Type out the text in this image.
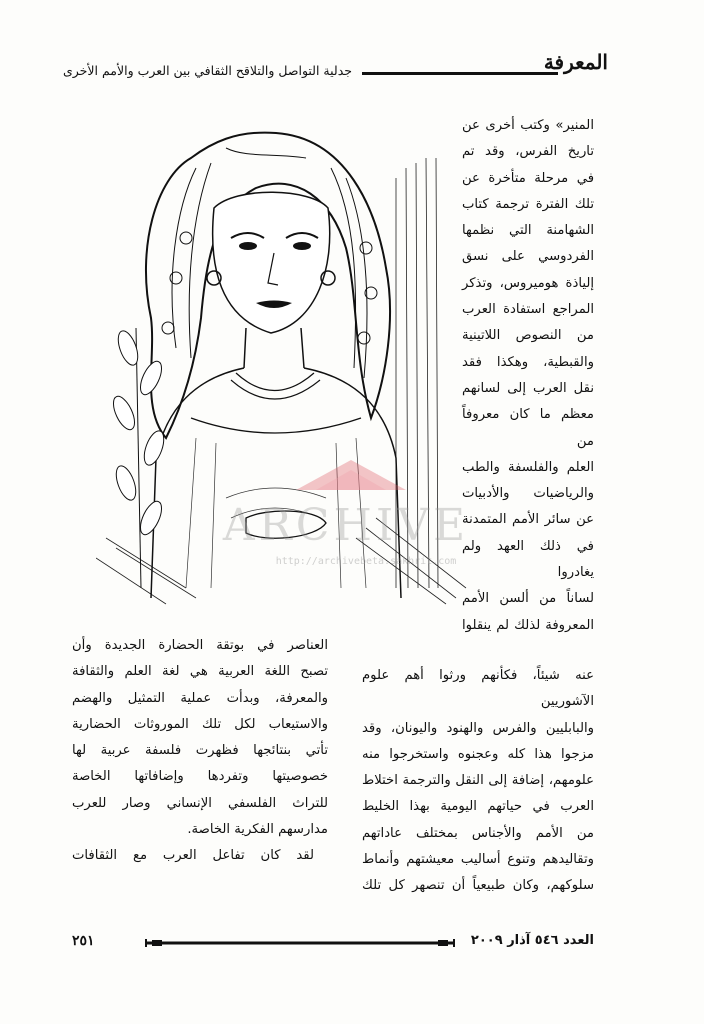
المعرفة
جدلية التواصل والتلاقح الثقافي بين العرب والأمم الأخرى
ARCHIVE
http://archivebeta.sakhrit.com

المنير» وكتب أخرى عن

تاريخ الفرس، وقد تم

في مرحلة متأخرة عن

تلك الفترة ترجمة كتاب

الشهامنة التي نظمها

الفردوسي على نسق

إلياذة هوميروس، وتذكر

المراجع استفادة العرب

من النصوص اللاتينية

والقبطية، وهكذا فقد

نقل العرب إلى لسانهم

معظم ما كان معروفاً من

العلم والفلسفة والطب

والرياضيات والأدبيات

عن سائر الأمم المتمدنة

في ذلك العهد ولم يغادروا

لساناً من ألسن الأمم

المعروفة لذلك لم ينقلوا

عنه شيئاً، فكأنهم ورثوا أهم علوم الآشوريين

والبابليين والفرس والهنود واليونان، وقد

مزجوا هذا كله وعجنوه واستخرجوا منه

علومهم، إضافة إلى النقل والترجمة اختلاط

العرب في حياتهم اليومية بهذا الخليط

من الأمم والأجناس بمختلف عاداتهم

وتقاليدهم وتنوع أساليب معيشتهم وأنماط

سلوكهم، وكان طبيعياً أن تنصهر كل تلك

العناصر في بوتقة الحضارة الجديدة وأن

تصبح اللغة العربية هي لغة العلم والثقافة

والمعرفة، وبدأت عملية التمثيل والهضم

والاستيعاب لكل تلك الموروثات الحضارية

تأتي بنتائجها فظهرت فلسفة عربية لها

خصوصيتها وتفردها وإضافاتها الخاصة

للتراث الفلسفي الإنساني وصار للعرب

مدارسهم الفكرية الخاصة.

لقد كان تفاعل العرب مع الثقافات

٢٥١	العدد ٥٤٦ آذار ٢٠٠٩
